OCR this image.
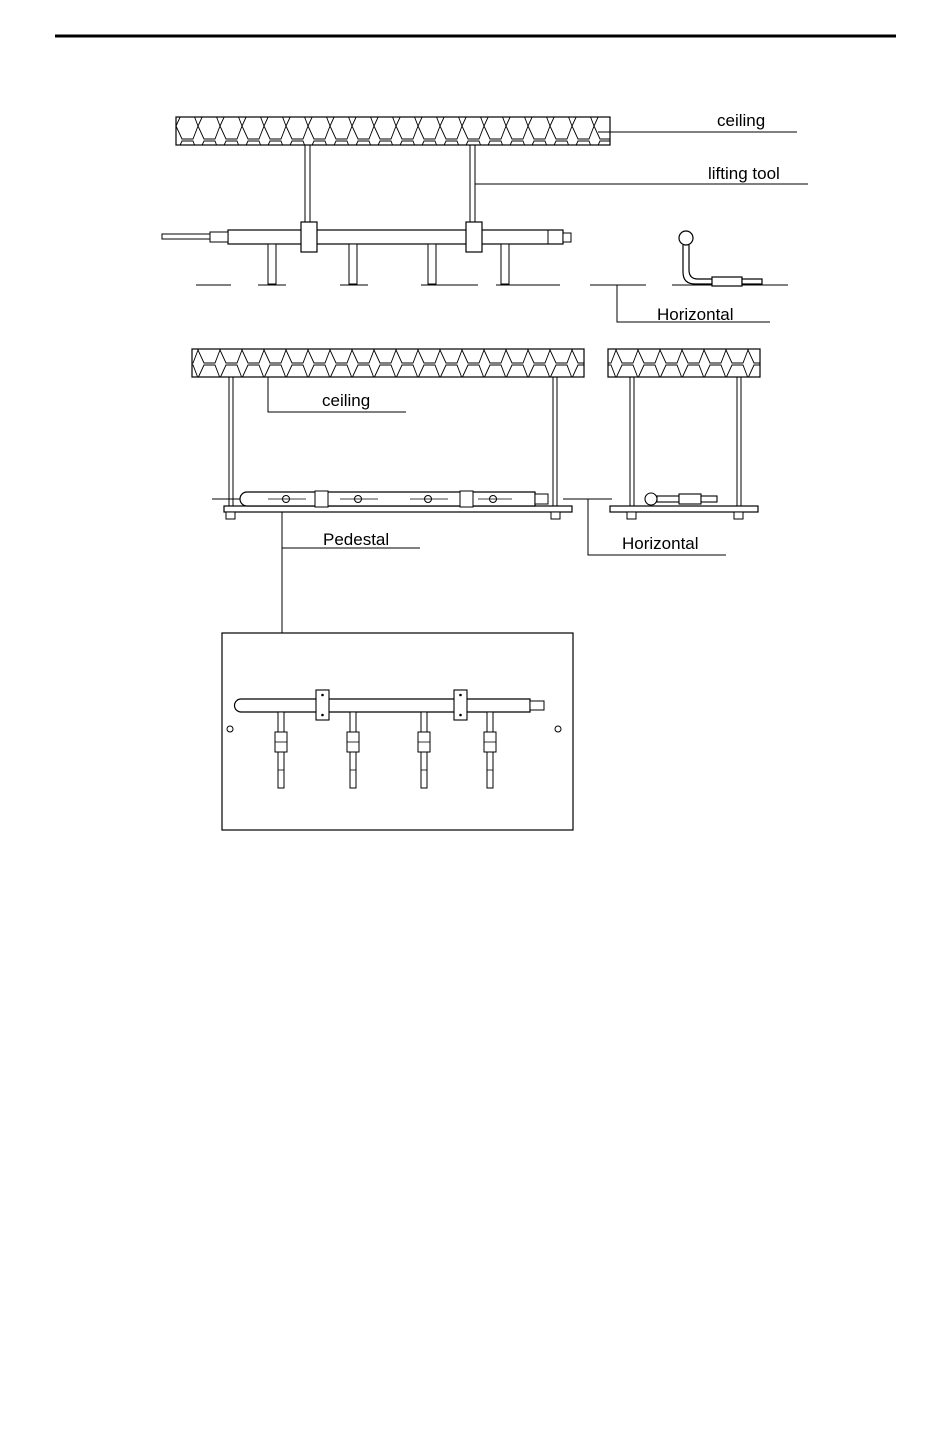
ceiling
lifting tool
Horizontal
ceiling
Pedestal	Horizontal
